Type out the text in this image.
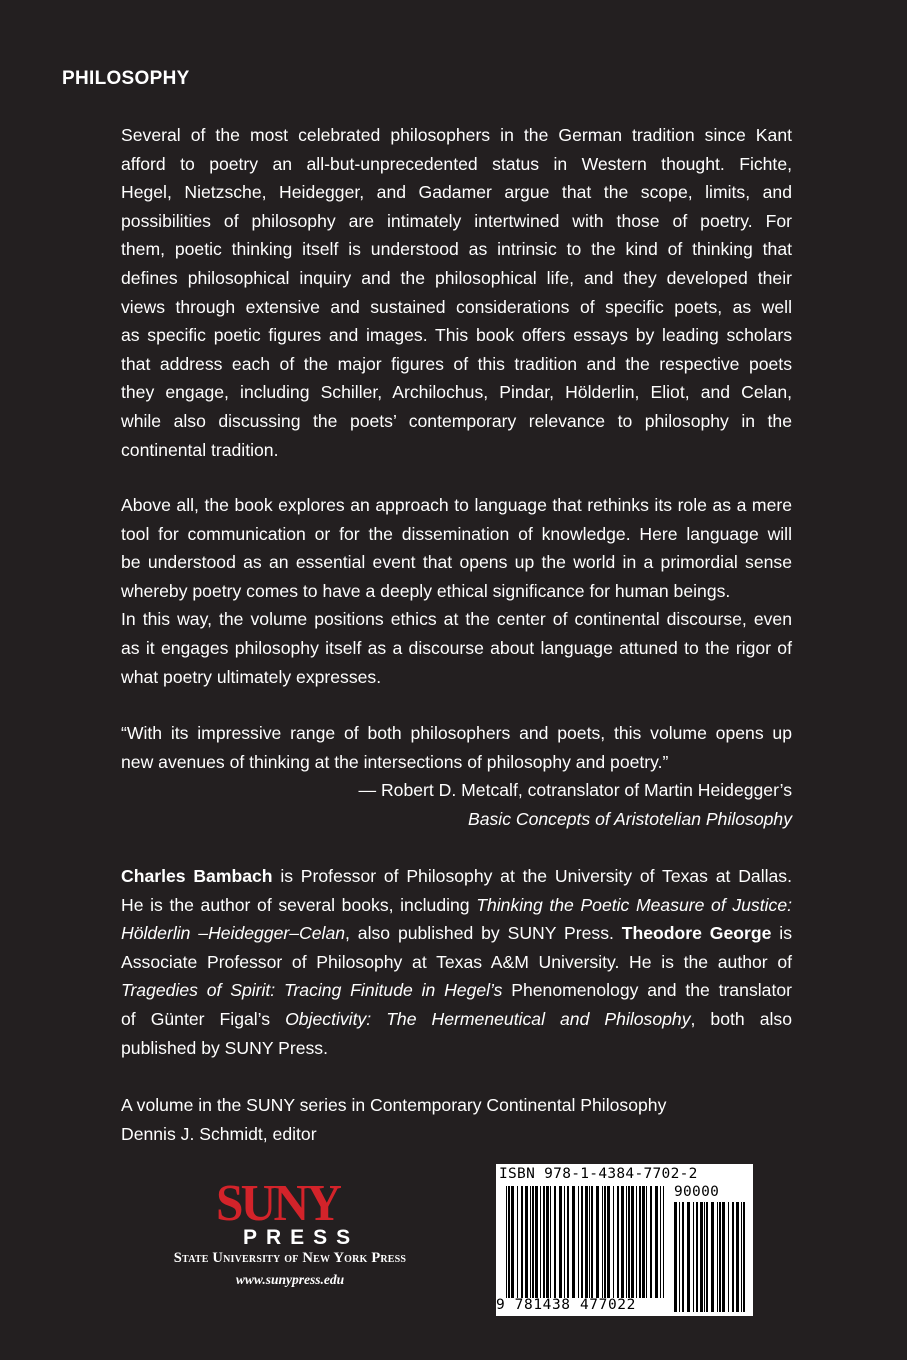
PHILOSOPHY
Several of the most celebrated philosophers in the German tradition since Kant
afford to poetry an all-but-unprecedented status in Western thought. Fichte,
Hegel, Nietzsche, Heidegger, and Gadamer argue that the scope, limits, and
possibilities of philosophy are intimately intertwined with those of poetry. For
them, poetic thinking itself is understood as intrinsic to the kind of thinking that
defines philosophical inquiry and the philosophical life, and they developed their
views through extensive and sustained considerations of specific poets, as well
as specific poetic figures and images. This book offers essays by leading scholars
that address each of the major figures of this tradition and the respective poets
they engage, including Schiller, Archilochus, Pindar, Hölderlin, Eliot, and Celan,
while also discussing the poets’ contemporary relevance to philosophy in the
continental tradition.
Above all, the book explores an approach to language that rethinks its role as a mere
tool for communication or for the dissemination of knowledge. Here language will
be understood as an essential event that opens up the world in a primordial sense
whereby poetry comes to have a deeply ethical significance for human beings.
In this way, the volume positions ethics at the center of continental discourse, even
as it engages philosophy itself as a discourse about language attuned to the rigor of
what poetry ultimately expresses.
“With its impressive range of both philosophers and poets, this volume opens up
new avenues of thinking at the intersections of philosophy and poetry.”
— Robert D. Metcalf, cotranslator of Martin Heidegger’s
Basic Concepts of Aristotelian Philosophy
Charles Bambach is Professor of Philosophy at the University of Texas at Dallas.
He is the author of several books, including Thinking the Poetic Measure of Justice:
Hölderlin –Heidegger–Celan, also published by SUNY Press. Theodore George is
Associate Professor of Philosophy at Texas A&M University. He is the author of
Tragedies of Spirit: Tracing Finitude in Hegel’s Phenomenology and the translator
of Günter Figal’s Objectivity: The Hermeneutical and Philosophy, both also
published by SUNY Press.
A volume in the SUNY series in Contemporary Continental Philosophy
Dennis J. Schmidt, editor
SUNY
PRESS
State University of New York Press
www.sunypress.edu
ISBN 978-1-4384-7702-2
90000
9 781438 477022
